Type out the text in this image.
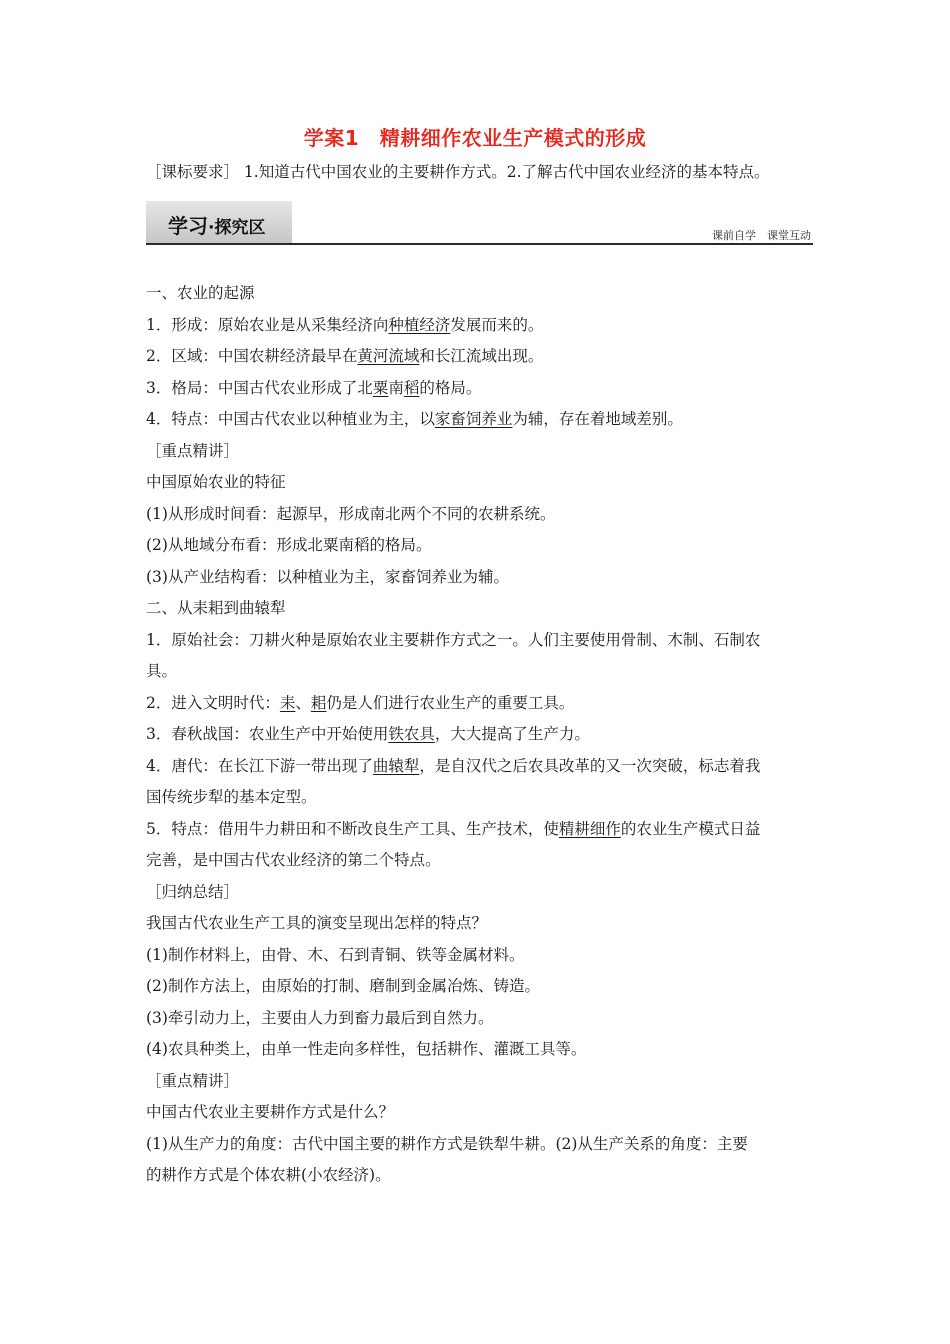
学案1　精耕细作农业生产模式的形成
［课标要求］ 1.知道古代中国农业的主要耕作方式。2.了解古代中国农业经济的基本特点。
学习·探究区	课前自学　课堂互动

一、农业的起源

1．形成：原始农业是从采集经济向种植经济发展而来的。

2．区域：中国农耕经济最早在黄河流域和长江流域出现。

3．格局：中国古代农业形成了北粟南稻的格局。

4．特点：中国古代农业以种植业为主，以家畜饲养业为辅，存在着地域差别。

［重点精讲］

中国原始农业的特征

(1)从形成时间看：起源早，形成南北两个不同的农耕系统。

(2)从地域分布看：形成北粟南稻的格局。

(3)从产业结构看：以种植业为主，家畜饲养业为辅。

二、从耒耜到曲辕犁

1．原始社会：刀耕火种是原始农业主要耕作方式之一。人们主要使用骨制、木制、石制农

具。

2．进入文明时代：耒、耜仍是人们进行农业生产的重要工具。

3．春秋战国：农业生产中开始使用铁农具，大大提高了生产力。

4．唐代：在长江下游一带出现了曲辕犁，是自汉代之后农具改革的又一次突破，标志着我

国传统步犁的基本定型。

5．特点：借用牛力耕田和不断改良生产工具、生产技术，使精耕细作的农业生产模式日益

完善，是中国古代农业经济的第二个特点。

［归纳总结］

我国古代农业生产工具的演变呈现出怎样的特点？

(1)制作材料上，由骨、木、石到青铜、铁等金属材料。

(2)制作方法上，由原始的打制、磨制到金属冶炼、铸造。

(3)牵引动力上，主要由人力到畜力最后到自然力。

(4)农具种类上，由单一性走向多样性，包括耕作、灌溉工具等。

［重点精讲］

中国古代农业主要耕作方式是什么？

(1)从生产力的角度：古代中国主要的耕作方式是铁犁牛耕。(2)从生产关系的角度：主要

的耕作方式是个体农耕(小农经济)。
